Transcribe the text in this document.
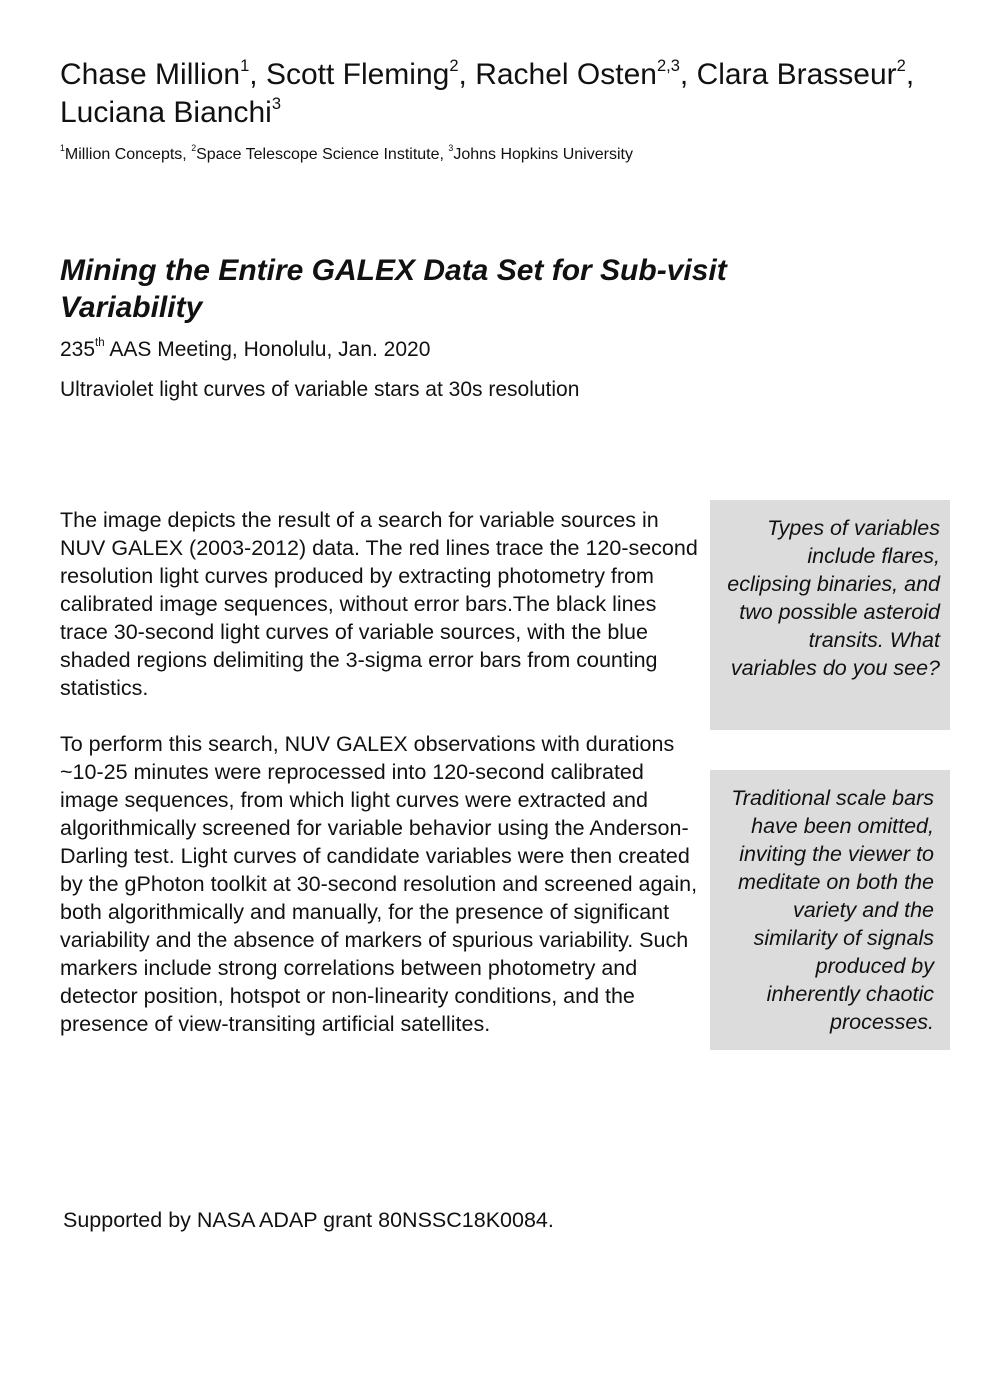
Chase Million$^1$, Scott Fleming$^2$, Rachel Osten$^{2,3}$, Clara Brasseur$^2$, Luciana Bianchi$^3$

$^1$Million Concepts, $^2$Space Telescope Science Institute, $^3$Johns Hopkins University

Mining the Entire GALEX Data Set for Sub-visit Variability

235th AAS Meeting, Honolulu, Jan. 2020

Ultraviolet light curves of variable stars at 30s resolution

The image depicts the result of a search for variable sources in NUV GALEX (2003-2012) data. The red lines trace the 120-second resolution light curves produced by extracting photometry from calibrated image sequences, without error bars.The black lines trace 30-second light curves of variable sources, with the blue shaded regions delimiting the 3-sigma error bars from counting statistics.

To perform this search, NUV GALEX observations with durations ~10-25 minutes were reprocessed into 120-second calibrated image sequences, from which light curves were extracted and algorithmically screened for variable behavior using the Anderson-Darling test. Light curves of candidate variables were then created by the gPhoton toolkit at 30-second resolution and screened again, both algorithmically and manually, for the presence of significant variability and the absence of markers of spurious variability. Such markers include strong correlations between photometry and detector position, hotspot or non-linearity conditions, and the presence of view-transiting artificial satellites.

Types of variables include flares, eclipsing binaries, and two possible asteroid transits. What variables do you see?
Traditional scale bars have been omitted, inviting the viewer to meditate on both the variety and the similarity of signals produced by inherently chaotic processes.

Supported by NASA ADAP grant 80NSSC18K0084.
